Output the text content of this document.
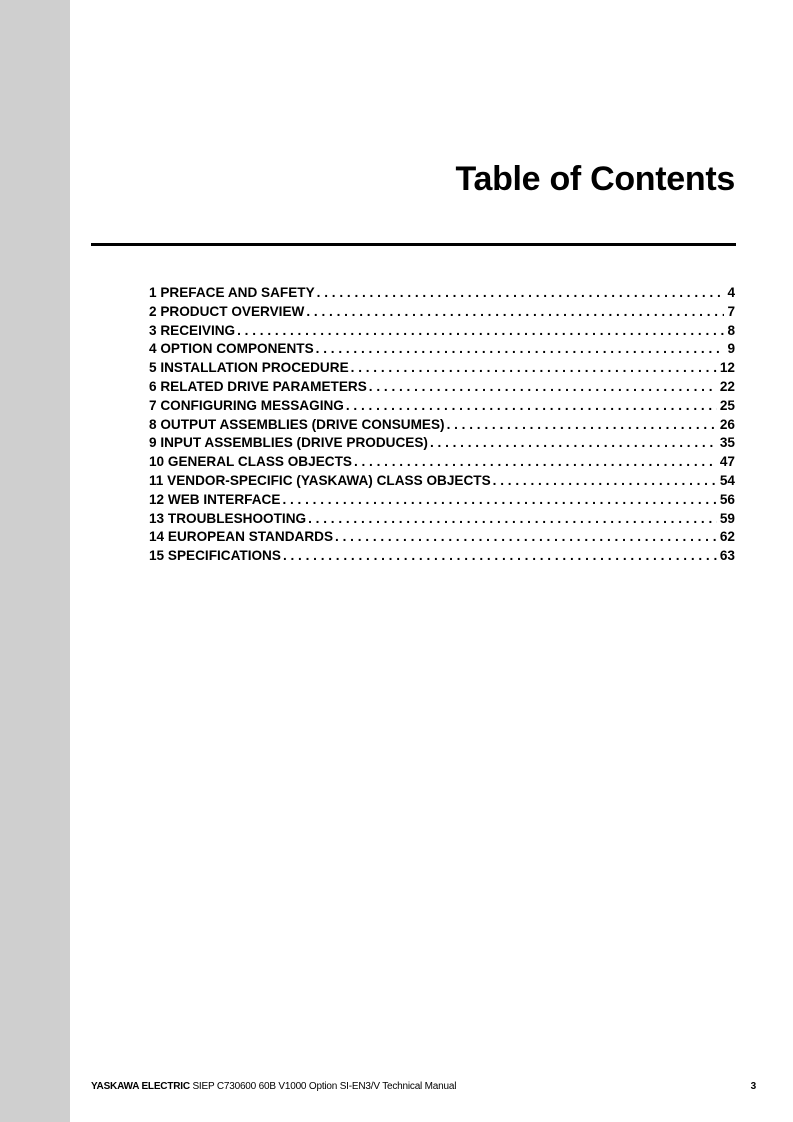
Table of Contents
1 PREFACE AND SAFETY . . .	4
2 PRODUCT OVERVIEW . . .	7
3 RECEIVING . . .	8
4 OPTION COMPONENTS . . .	9
5 INSTALLATION PROCEDURE . . .	12
6 RELATED DRIVE PARAMETERS . . .	22
7 CONFIGURING MESSAGING . . .	25
8 OUTPUT ASSEMBLIES (DRIVE CONSUMES) . . .	26
9 INPUT ASSEMBLIES (DRIVE PRODUCES) . . .	35
10 GENERAL CLASS OBJECTS . . .	47
11 VENDOR-SPECIFIC (YASKAWA) CLASS OBJECTS . . .	54
12 WEB INTERFACE . . .	56
13 TROUBLESHOOTING . . .	59
14 EUROPEAN STANDARDS . . .	62
15 SPECIFICATIONS . . .	63
YASKAWA ELECTRIC SIEP C730600 60B V1000 Option SI-EN3/V Technical Manual	3
